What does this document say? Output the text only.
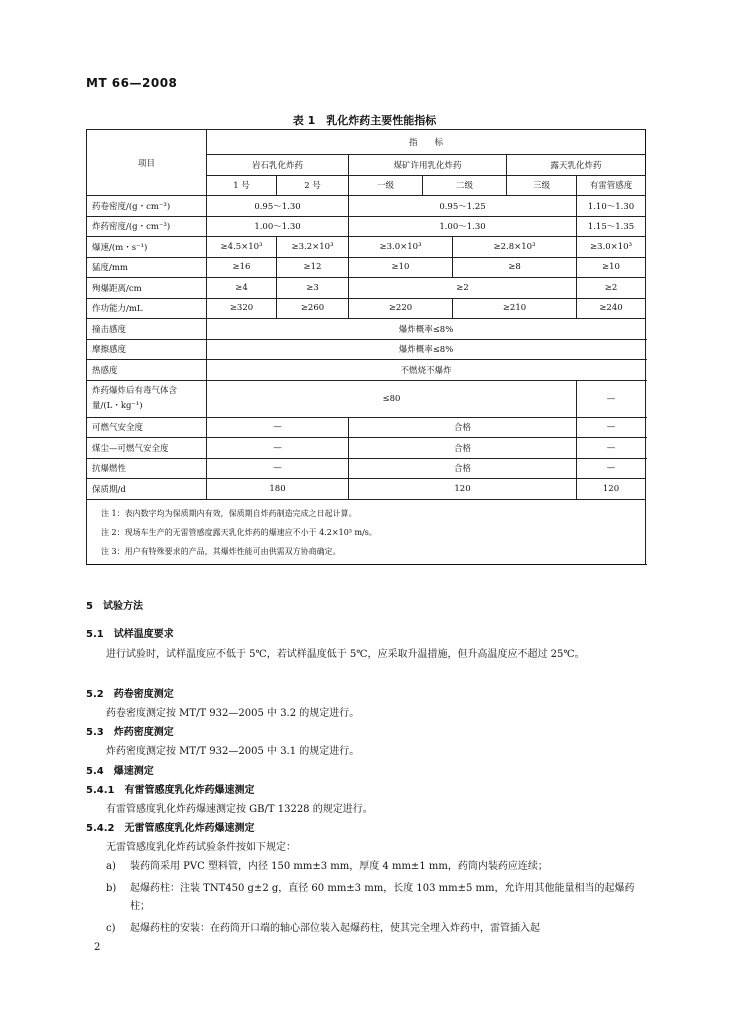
MT 66—2008
表 1　乳化炸药主要性能指标
项目	指　　标							
	岩石乳化炸药		煤矿许用乳化炸药			露天乳化炸药		
	1 号	2 号	一级	二级		三级	有雷管感度	
药卷密度/(g・cm⁻³)	0.95～1.30		0.95～1.25				1.10～1.30	
炸药密度/(g・cm⁻³)	1.00～1.30		1.00～1.30				1.15～1.35	
爆速/(m・s⁻¹)	≥4.5×10³	≥3.2×10³	≥3.0×10³		≥2.8×10³		≥3.0×10³	
猛度/mm	≥16	≥12	≥10		≥8		≥10	
殉爆距离/cm	≥4	≥3	≥2				≥2	
作功能力/mL	≥320	≥260	≥220		≥210		≥240	
撞击感度	爆炸概率≤8%							
摩擦感度	爆炸概率≤8%							
热感度	不燃烧不爆炸							
炸药爆炸后有毒气体含量/(L・kg⁻¹)	≤80						—	
可燃气安全度	—		合格				—	
煤尘—可燃气安全度	—		合格				—	
抗爆燃性	—		合格				—	
保质期/d	180		120				120	
注 1：表内数字均为保质期内有效，保质期自炸药制造完成之日起计算。								
注 2：现场车生产的无雷管感度露天乳化炸药的爆速应不小于 4.2×10³ m/s。								
注 3：用户有特殊要求的产品，其爆炸性能可由供需双方协商确定。								
5　试验方法
5.1　试样温度要求
进行试验时，试样温度应不低于 5℃，若试样温度低于 5℃，应采取升温措施，但升高温度应不超过 25℃。
5.2　药卷密度测定
药卷密度测定按 MT/T 932—2005 中 3.2 的规定进行。
5.3　炸药密度测定
炸药密度测定按 MT/T 932—2005 中 3.1 的规定进行。
5.4　爆速测定
5.4.1　有雷管感度乳化炸药爆速测定
有雷管感度乳化炸药爆速测定按 GB/T 13228 的规定进行。
5.4.2　无雷管感度乳化炸药爆速测定
无雷管感度乳化炸药试验条件按如下规定：
a)	装药筒采用 PVC 塑料管，内径 150 mm±3 mm，厚度 4 mm±1 mm，药筒内装药应连续；
b)	起爆药柱：注装 TNT450 g±2 g，直径 60 mm±3 mm，长度 103 mm±5 mm，允许用其他能量相当的起爆药柱；
c)	起爆药柱的安装：在药筒开口端的轴心部位装入起爆药柱，使其完全埋入炸药中，雷管插入起
2
